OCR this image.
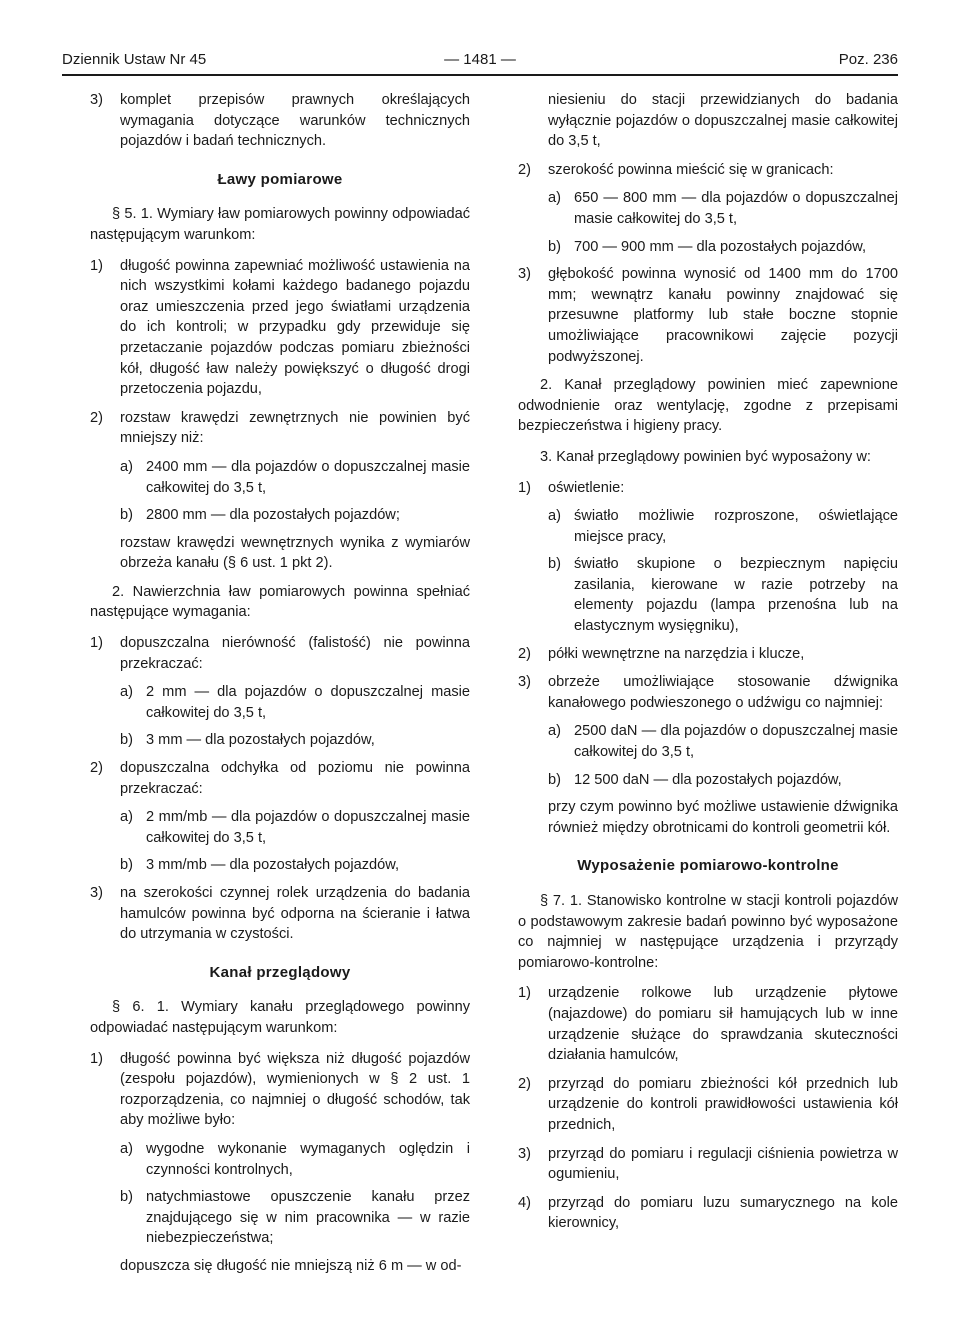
Dziennik Ustaw Nr 45	— 1481 —	Poz. 236
3) komplet przepisów prawnych określających wymagania dotyczące warunków technicznych pojazdów i badań technicznych.
Ławy pomiarowe

§ 5. 1. Wymiary ław pomiarowych powinny odpowiadać następującym warunkom:

1) długość powinna zapewniać możliwość ustawienia na nich wszystkimi kołami każdego badanego pojazdu oraz umieszczenia przed jego światłami urządzenia do ich kontroli; w przypadku gdy przewiduje się przetaczanie pojazdów podczas pomiaru zbieżności kół, długość ław należy powiększyć o długość drogi przetoczenia pojazdu,
2) rozstaw krawędzi zewnętrznych nie powinien być mniejszy niż:
a) 2400 mm — dla pojazdów o dopuszczalnej masie całkowitej do 3,5 t,
b) 2800 mm — dla pozostałych pojazdów;
rozstaw krawędzi wewnętrznych wynika z wymiarów obrzeża kanału (§ 6 ust. 1 pkt 2).

2. Nawierzchnia ław pomiarowych powinna spełniać następujące wymagania:

1) dopuszczalna nierówność (falistość) nie powinna przekraczać:
a) 2 mm — dla pojazdów o dopuszczalnej masie całkowitej do 3,5 t,
b) 3 mm — dla pozostałych pojazdów,
2) dopuszczalna odchyłka od poziomu nie powinna przekraczać:
a) 2 mm/mb — dla pojazdów o dopuszczalnej masie całkowitej do 3,5 t,
b) 3 mm/mb — dla pozostałych pojazdów,
3) na szerokości czynnej rolek urządzenia do badania hamulców powinna być odporna na ścieranie i łatwa do utrzymania w czystości.
Kanał przeglądowy

§ 6. 1. Wymiary kanału przeglądowego powinny odpowiadać następującym warunkom:

1) długość powinna być większa niż długość pojazdów (zespołu pojazdów), wymienionych w § 2 ust. 1 rozporządzenia, co najmniej o długość schodów, tak aby możliwe było:
a) wygodne wykonanie wymaganych oględzin i czynności kontrolnych,
b) natychmiastowe opuszczenie kanału przez znajdującego się w nim pracownika — w razie niebezpieczeństwa;
dopuszcza się długość nie mniejszą niż 6 m — w od-
niesieniu do stacji przewidzianych do badania wyłącznie pojazdów o dopuszczalnej masie całkowitej do 3,5 t,
2) szerokość powinna mieścić się w granicach:
a) 650 — 800 mm — dla pojazdów o dopuszczalnej masie całkowitej do 3,5 t,
b) 700 — 900 mm — dla pozostałych pojazdów,
3) głębokość powinna wynosić od 1400 mm do 1700 mm; wewnątrz kanału powinny znajdować się przesuwne platformy lub stałe boczne stopnie umożliwiające pracownikowi zajęcie pozycji podwyższonej.

2. Kanał przeglądowy powinien mieć zapewnione odwodnienie oraz wentylację, zgodne z przepisami bezpieczeństwa i higieny pracy.

3. Kanał przeglądowy powinien być wyposażony w:

1) oświetlenie:
a) światło możliwie rozproszone, oświetlające miejsce pracy,
b) światło skupione o bezpiecznym napięciu zasilania, kierowane w razie potrzeby na elementy pojazdu (lampa przenośna lub na elastycznym wysięgniku),
2) półki wewnętrzne na narzędzia i klucze,
3) obrzeże umożliwiające stosowanie dźwignika kanałowego podwieszonego o udźwigu co najmniej:
a) 2500 daN — dla pojazdów o dopuszczalnej masie całkowitej do 3,5 t,
b) 12 500 daN — dla pozostałych pojazdów,
przy czym powinno być możliwe ustawienie dźwignika również między obrotnicami do kontroli geometrii kół.
Wyposażenie pomiarowo-kontrolne

§ 7. 1. Stanowisko kontrolne w stacji kontroli pojazdów o podstawowym zakresie badań powinno być wyposażone co najmniej w następujące urządzenia i przyrządy pomiarowo-kontrolne:

1) urządzenie rolkowe lub urządzenie płytowe (najazdowe) do pomiaru sił hamujących lub w inne urządzenie służące do sprawdzania skuteczności działania hamulców,
2) przyrząd do pomiaru zbieżności kół przednich lub urządzenie do kontroli prawidłowości ustawienia kół przednich,
3) przyrząd do pomiaru i regulacji ciśnienia powietrza w ogumieniu,
4) przyrząd do pomiaru luzu sumarycznego na kole kierownicy,
